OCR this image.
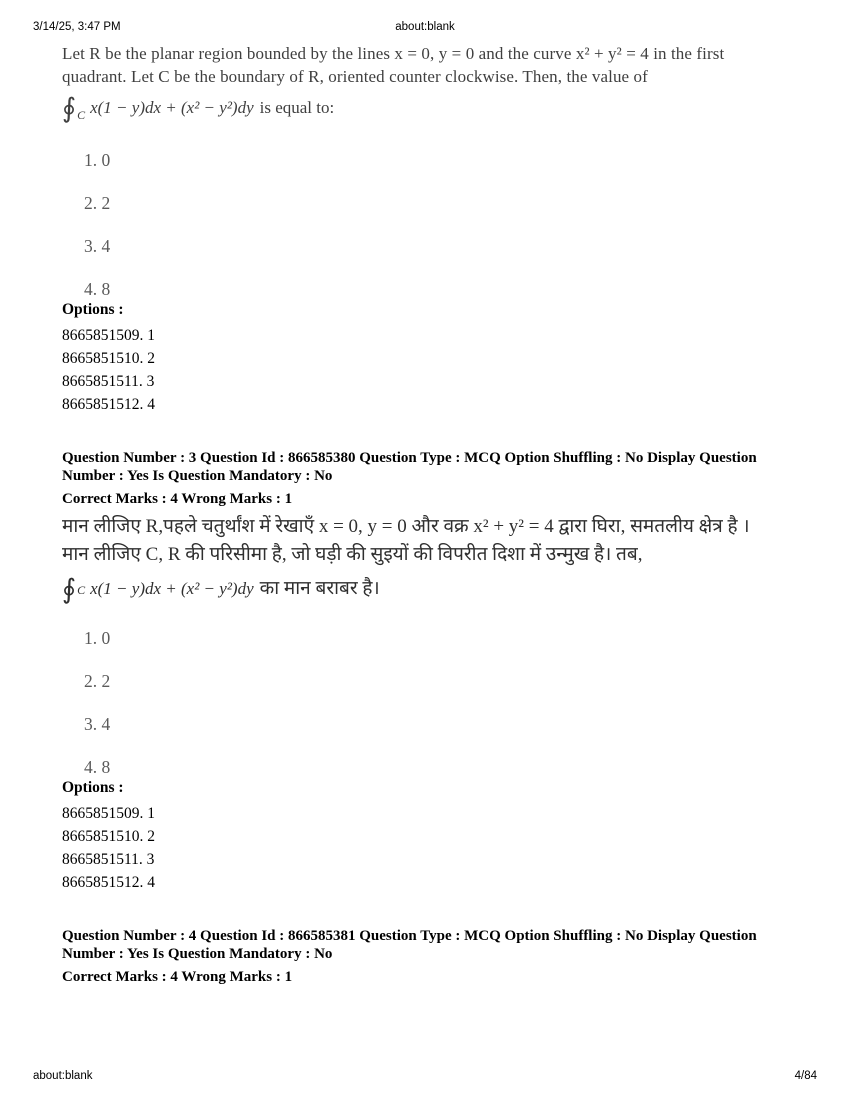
3/14/25, 3:47 PM	about:blank
Let R be the planar region bounded by the lines x = 0, y = 0 and the curve x² + y² = 4 in the first
quadrant. Let C be the boundary of R, oriented counter clockwise. Then, the value of
∮ C x(1 − y)dx + (x² − y²)dy is equal to:
1. 0
2. 2
3. 4
4. 8
Options :
8665851509. 1
8665851510. 2
8665851511. 3
8665851512. 4
Question Number : 3 Question Id : 866585380 Question Type : MCQ Option Shuffling : No Display Question Number : Yes Is Question Mandatory : No
Correct Marks : 4 Wrong Marks : 1
मान लीजिए R,पहले चतुर्थांश में रेखाएँ x = 0, y = 0 और वक्र x² + y² = 4 द्वारा घिरा, समतलीय क्षेत्र है ।
मान लीजिए C, R की परिसीमा है, जो घड़ी की सुइयों की विपरीत दिशा में उन्मुख है। तब,
∮ C x(1 − y)dx + (x² − y²)dy का मान बराबर है।
1. 0
2. 2
3. 4
4. 8
Options :
8665851509. 1
8665851510. 2
8665851511. 3
8665851512. 4
Question Number : 4 Question Id : 866585381 Question Type : MCQ Option Shuffling : No Display Question Number : Yes Is Question Mandatory : No
Correct Marks : 4 Wrong Marks : 1
about:blank	4/84
